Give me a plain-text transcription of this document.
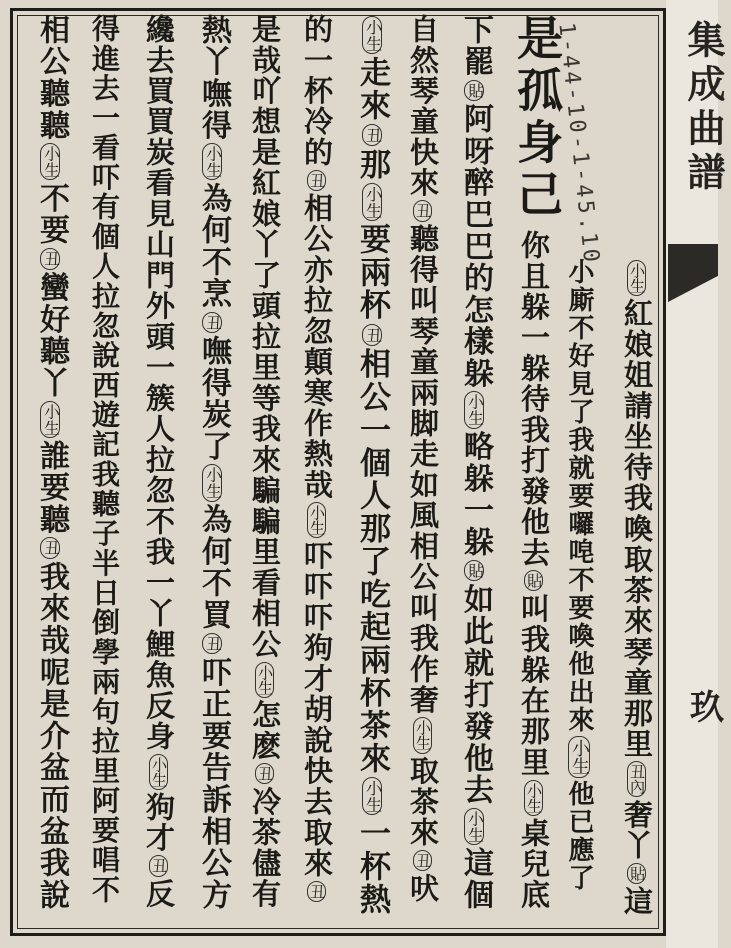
集成曲譜
玖
1-44-10-1-45.10
小生紅娘姐請坐待我喚取茶來琴童那里丑內奢丫貼這
小廝不好見了我就要囉唣不要喚他出來小生他已應了
你且躲一躲待我打發他去貼叫我躲在那里小生桌兒底
是孤身己
下罷貼阿呀醉巴巴的怎樣躲小生略躲一躲貼如此就打發他去小生這個
自然琴童快來丑聽得叫琴童兩脚走如風相公叫我作奢小生取茶來丑吠
小生走來丑那小生要兩杯丑相公一個人那了吃起兩杯茶來小生一杯熱
的一杯冷的丑相公亦拉忽顛寒作熱哉小生吓吓吓狗才胡說快去取來丑
是哉吖想是紅娘丫了頭拉里等我來騙騙里看相公小生怎麽丑冷茶儘有
熱丫嘸得小生為何不烹丑嘸得炭了小生為何不買丑吓正要告訴相公方
纔去買買炭看見山門外頭一簇人拉忽不我一丫鯉魚反身小生狗才丑反
得進去一看吓有個人拉忽說西遊記我聽子半日倒學兩句拉里阿要唱不
相公聽聽小生不要丑蠻好聽丫小生誰要聽丑我來哉呢是介盆而盆我說
